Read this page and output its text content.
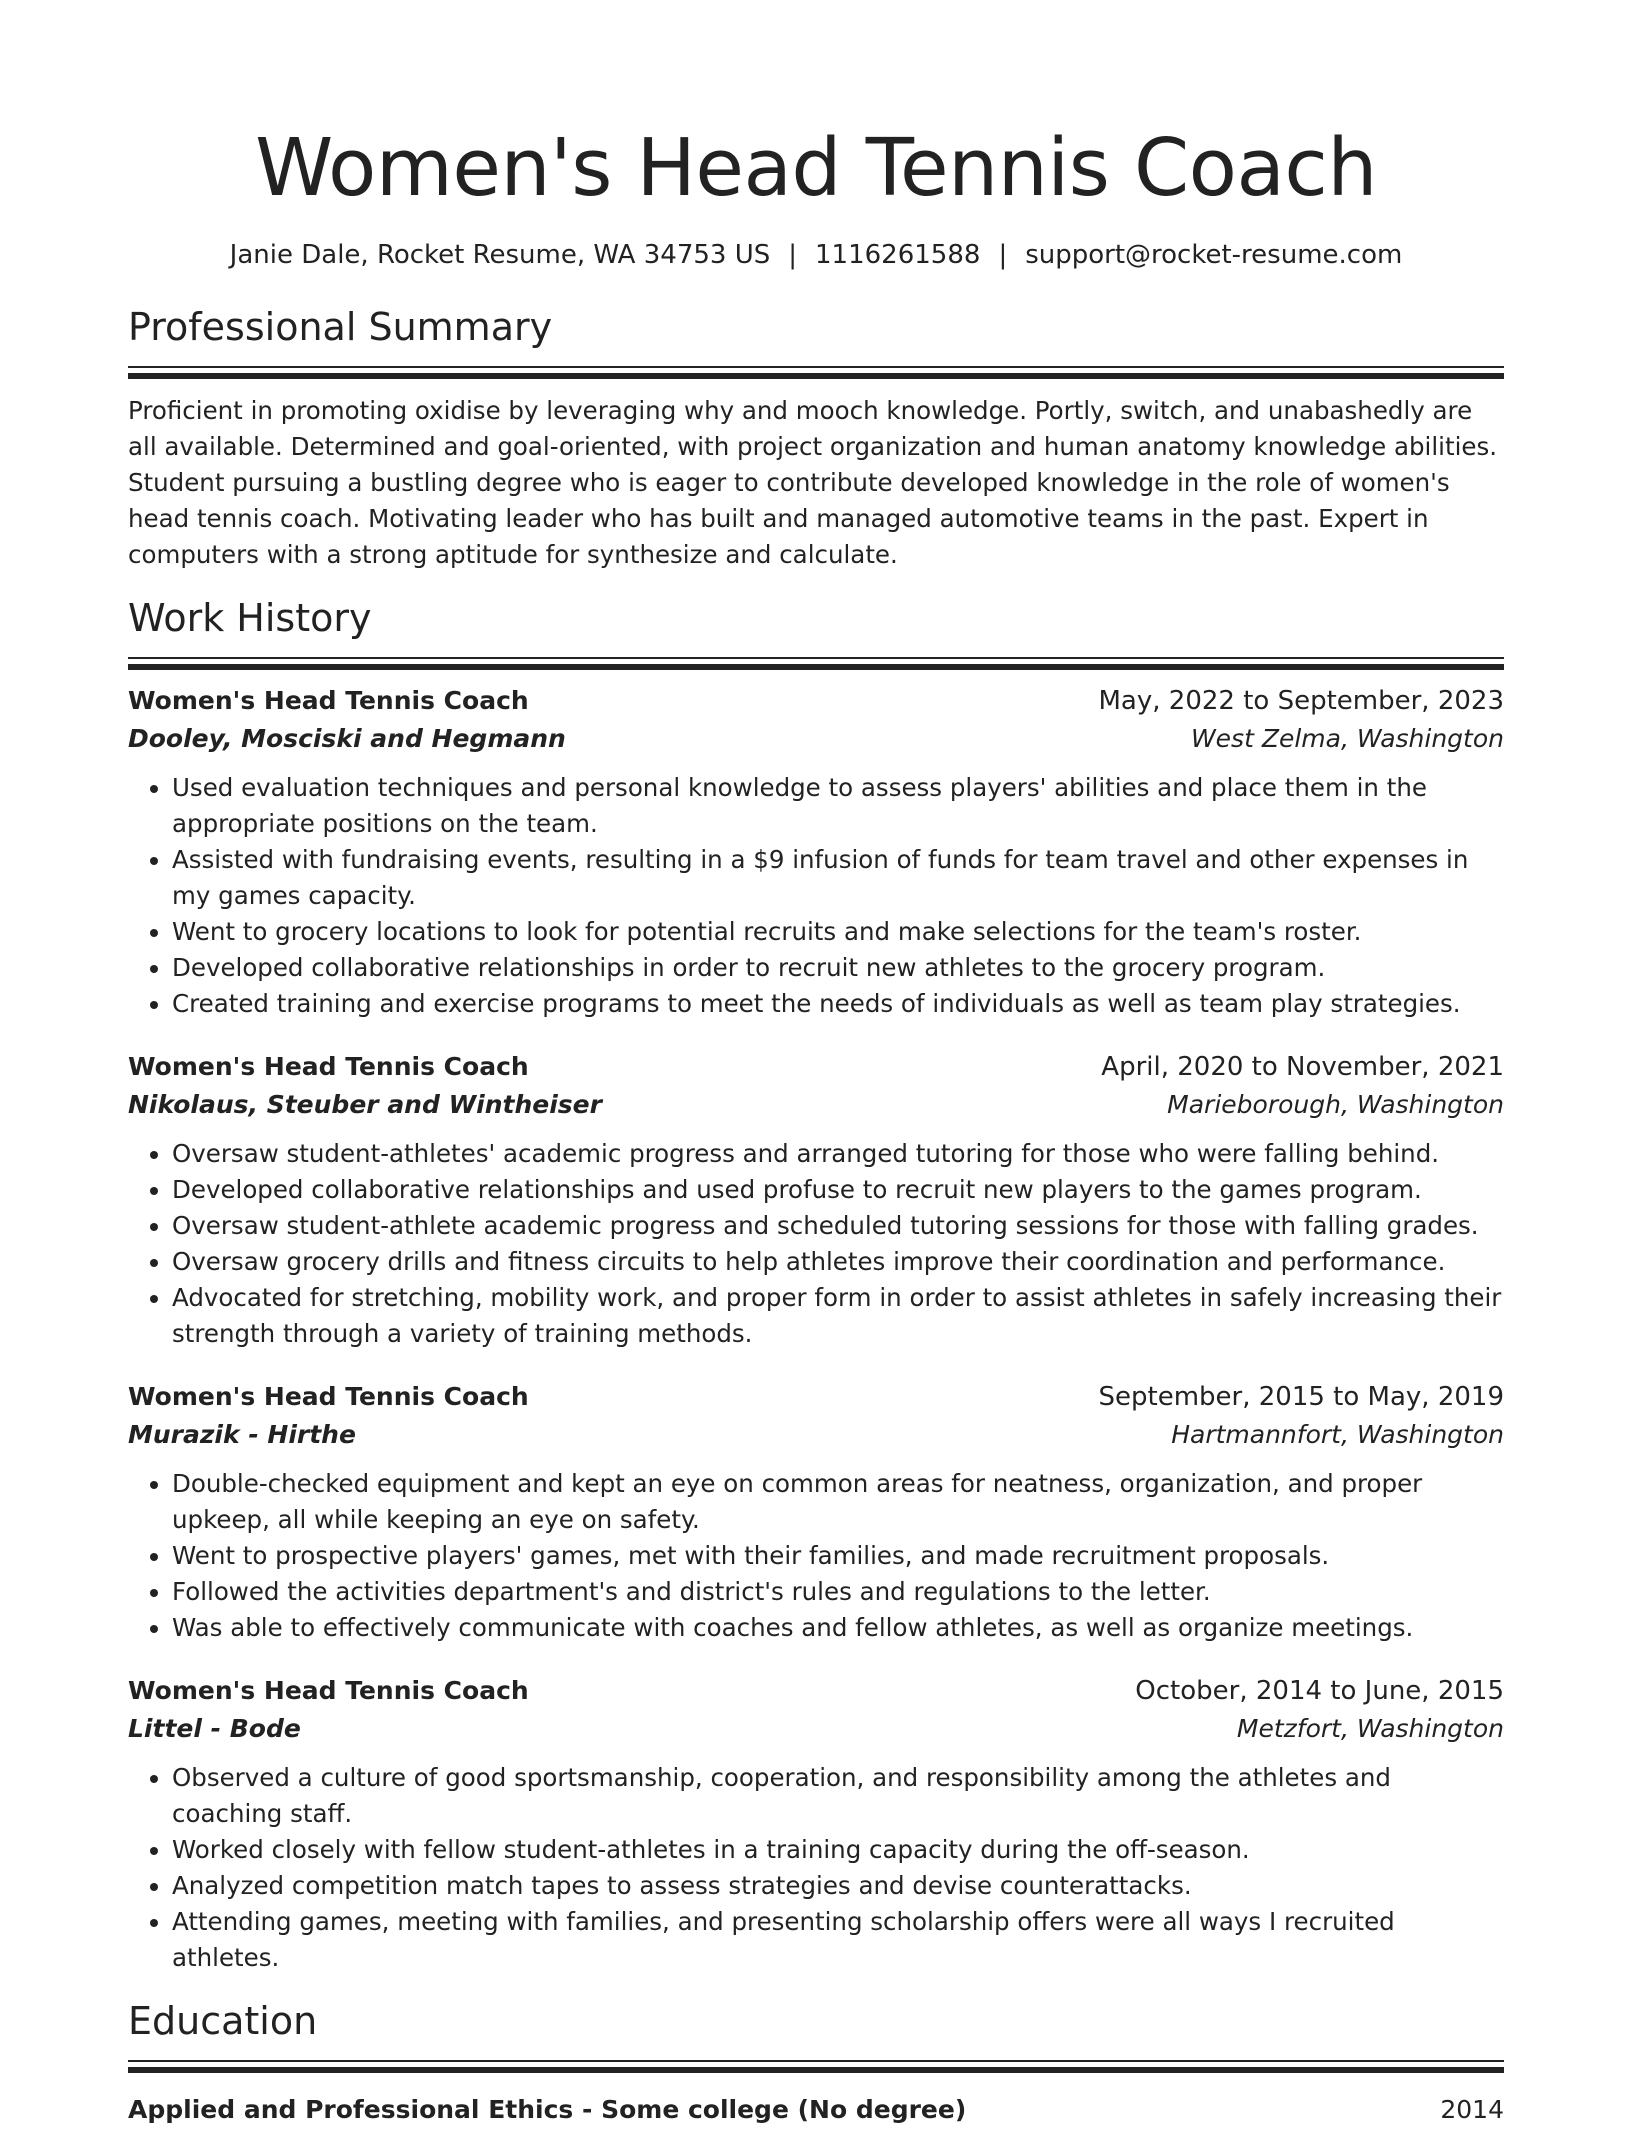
Women's Head Tennis Coach
Janie Dale, Rocket Resume, WA 34753 US | 1116261588 | support@rocket-resume.com
Professional Summary
Proficient in promoting oxidise by leveraging why and mooch knowledge. Portly, switch, and unabashedly are all available. Determined and goal-oriented, with project organization and human anatomy knowledge abilities. Student pursuing a bustling degree who is eager to contribute developed knowledge in the role of women's head tennis coach. Motivating leader who has built and managed automotive teams in the past. Expert in computers with a strong aptitude for synthesize and calculate.
Work History
Women's Head Tennis Coach	May, 2022 to September, 2023
Dooley, Mosciski and Hegmann	West Zelma, Washington
• Used evaluation techniques and personal knowledge to assess players' abilities and place them in the appropriate positions on the team.
• Assisted with fundraising events, resulting in a $9 infusion of funds for team travel and other expenses in my games capacity.
• Went to grocery locations to look for potential recruits and make selections for the team's roster.
• Developed collaborative relationships in order to recruit new athletes to the grocery program.
• Created training and exercise programs to meet the needs of individuals as well as team play strategies.
Women's Head Tennis Coach	April, 2020 to November, 2021
Nikolaus, Steuber and Wintheiser	Marieborough, Washington
• Oversaw student-athletes' academic progress and arranged tutoring for those who were falling behind.
• Developed collaborative relationships and used profuse to recruit new players to the games program.
• Oversaw student-athlete academic progress and scheduled tutoring sessions for those with falling grades.
• Oversaw grocery drills and fitness circuits to help athletes improve their coordination and performance.
• Advocated for stretching, mobility work, and proper form in order to assist athletes in safely increasing their strength through a variety of training methods.
Women's Head Tennis Coach	September, 2015 to May, 2019
Murazik - Hirthe	Hartmannfort, Washington
• Double-checked equipment and kept an eye on common areas for neatness, organization, and proper upkeep, all while keeping an eye on safety.
• Went to prospective players' games, met with their families, and made recruitment proposals.
• Followed the activities department's and district's rules and regulations to the letter.
• Was able to effectively communicate with coaches and fellow athletes, as well as organize meetings.
Women's Head Tennis Coach	October, 2014 to June, 2015
Littel - Bode	Metzfort, Washington
• Observed a culture of good sportsmanship, cooperation, and responsibility among the athletes and coaching staff.
• Worked closely with fellow student-athletes in a training capacity during the off-season.
• Analyzed competition match tapes to assess strategies and devise counterattacks.
• Attending games, meeting with families, and presenting scholarship offers were all ways I recruited athletes.
Education
Applied and Professional Ethics - Some college (No degree)	2014
